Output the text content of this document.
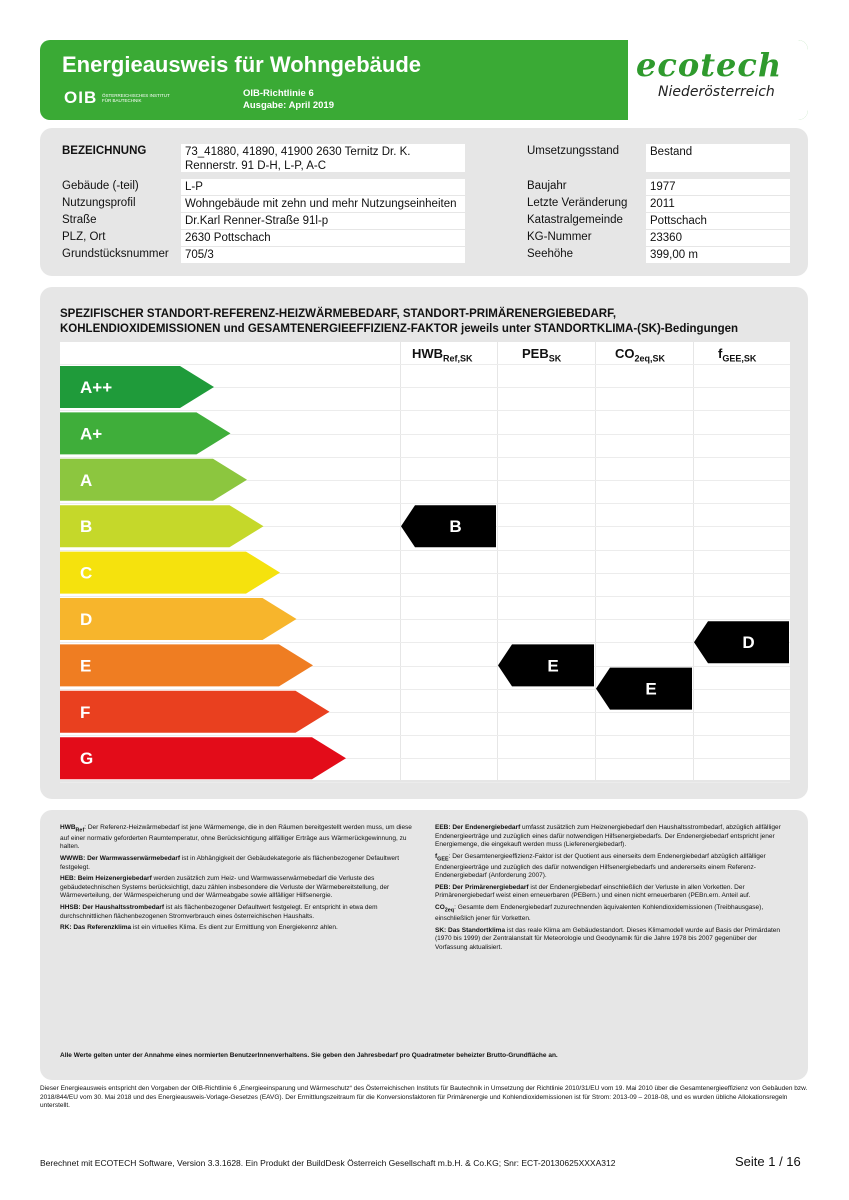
Energieausweis für Wohngebäude
OIB ÖSTERREICHISCHES INSTITUT FÜR BAUTECHNIK
OIB-Richtlinie 6
Ausgabe: April 2019
ecotech
Niederösterreich
BEZEICHNUNG	73_41880, 41890, 41900 2630 Ternitz Dr. K. Rennerstr. 91 D-H, L-P, A-C
Gebäude (-teil)	L-P
Nutzungsprofil	Wohngebäude mit zehn und mehr Nutzungseinheiten
Straße	Dr.Karl Renner-Straße 91l-p
PLZ, Ort	2630 Pottschach
Grundstücksnummer	705/3
Umsetzungsstand	Bestand
Baujahr	1977
Letzte Veränderung	2011
Katastralgemeinde	Pottschach
KG-Nummer	23360
Seehöhe	399,00 m
SPEZIFISCHER STANDORT-REFERENZ-HEIZWÄRMEBEDARF, STANDORT-PRIMÄRENERGIEBEDARF,
KOHLENDIOXIDEMISSIONEN und GESAMTENERGIEEFFIZIENZ-FAKTOR jeweils unter STANDORTKLIMA-(SK)-Bedingungen
$HWB_{Ref,SK}$	$PEB_{SK}$	$CO_{2eq,SK}$	$f_{GEE,SK}$
A++
A+
A
B
C
D
E
F
G
B
E
E
D

$HWB_{Ref}$: Der Referenz-Heizwärmebedarf ist jene Wärmemenge, die in den Räumen bereitgestellt werden muss, um diese auf einer normativ geforderten Raumtemperatur, ohne Berücksichtigung allfälliger Erträge aus Wärmerückgewinnung, zu halten.

WWWB: Der Warmwasserwärmebedarf ist in Abhängigkeit der Gebäudekategorie als flächenbezogener Defaultwert festgelegt.

HEB: Beim Heizenergiebedarf werden zusätzlich zum Heiz- und Warmwasserwärmebedarf die Verluste des gebäudetechnischen Systems berücksichtigt, dazu zählen insbesondere die Verluste der Wärmebereitstellung, der Wärmeverteilung, der Wärmespeicherung und der Wärmeabgabe sowie allfälliger Hilfsenergie.

HHSB: Der Haushaltsstrombedarf ist als flächenbezogener Defaultwert festgelegt. Er entspricht in etwa dem durchschnittlichen flächenbezogenen Stromverbrauch eines österreichischen Haushalts.

RK: Das Referenzklima ist ein virtuelles Klima. Es dient zur Ermittlung von Energiekennz ahlen.

EEB: Der Endenergiebedarf umfasst zusätzlich zum Heizenergiebedarf den Haushaltsstrombedarf, abzüglich allfälliger Endenergieerträge und zuzüglich eines dafür notwendigen Hilfsenergiebedarfs. Der Endenergiebedarf entspricht jener Energiemenge, die eingekauft werden muss (Lieferenergiebedarf).

$f_{GEE}$: Der Gesamtenergieeffizienz-Faktor ist der Quotient aus einerseits dem Endenergiebedarf abzüglich allfälliger Endenergieerträge und zuzüglich des dafür notwendigen Hilfsenergiebedarfs und andererseits einem Referenz-Endenergiebedarf (Anforderung 2007).

PEB: Der Primärenergiebedarf ist der Endenergiebedarf einschließlich der Verluste in allen Vorketten. Der Primärenergiebedarf weist einen erneuerbaren (PEBern.) und einen nicht erneuerbaren (PEBn.ern. Anteil auf.

$CO_{2eq}$: Gesamte dem Endenergiebedarf zuzurechnenden äquivalenten Kohlendioxidemissionen (Treibhausgase), einschließlich jener für Vorketten.

SK: Das Standortklima ist das reale Klima am Gebäudestandort. Dieses Klimamodell wurde auf Basis der Primärdaten (1970 bis 1999) der Zentralanstalt für Meteorologie und Geodynamik für die Jahre 1978 bis 2007 gegenüber der Vorfassung aktualisiert.

Alle Werte gelten unter der Annahme eines normierten BenutzerInnenverhaltens. Sie geben den Jahresbedarf pro Quadratmeter beheizter Brutto-Grundfläche an.
Dieser Energieausweis entspricht den Vorgaben der OIB-Richtlinie 6 „Energieeinsparung und Wärmeschutz“ des Österreichischen Instituts für Bautechnik in Umsetzung der Richtlinie 2010/31/EU vom 19. Mai 2010 über die Gesamtenergieeffizienz von Gebäuden bzw. 2018/844/EU vom 30. Mai 2018 und des Energieausweis-Vorlage-Gesetzes (EAVG). Der Ermittlungszeitraum für die Konversionsfaktoren für Primärenergie und Kohlendioxidemissionen ist für Strom: 2013-09 – 2018-08, und es wurden übliche Allokationsregeln unterstellt.
Berechnet mit ECOTECH Software, Version 3.3.1628. Ein Produkt der BuildDesk Österreich Gesellschaft m.b.H. & Co.KG; Snr: ECT-20130625XXXA312	Seite 1 / 16
